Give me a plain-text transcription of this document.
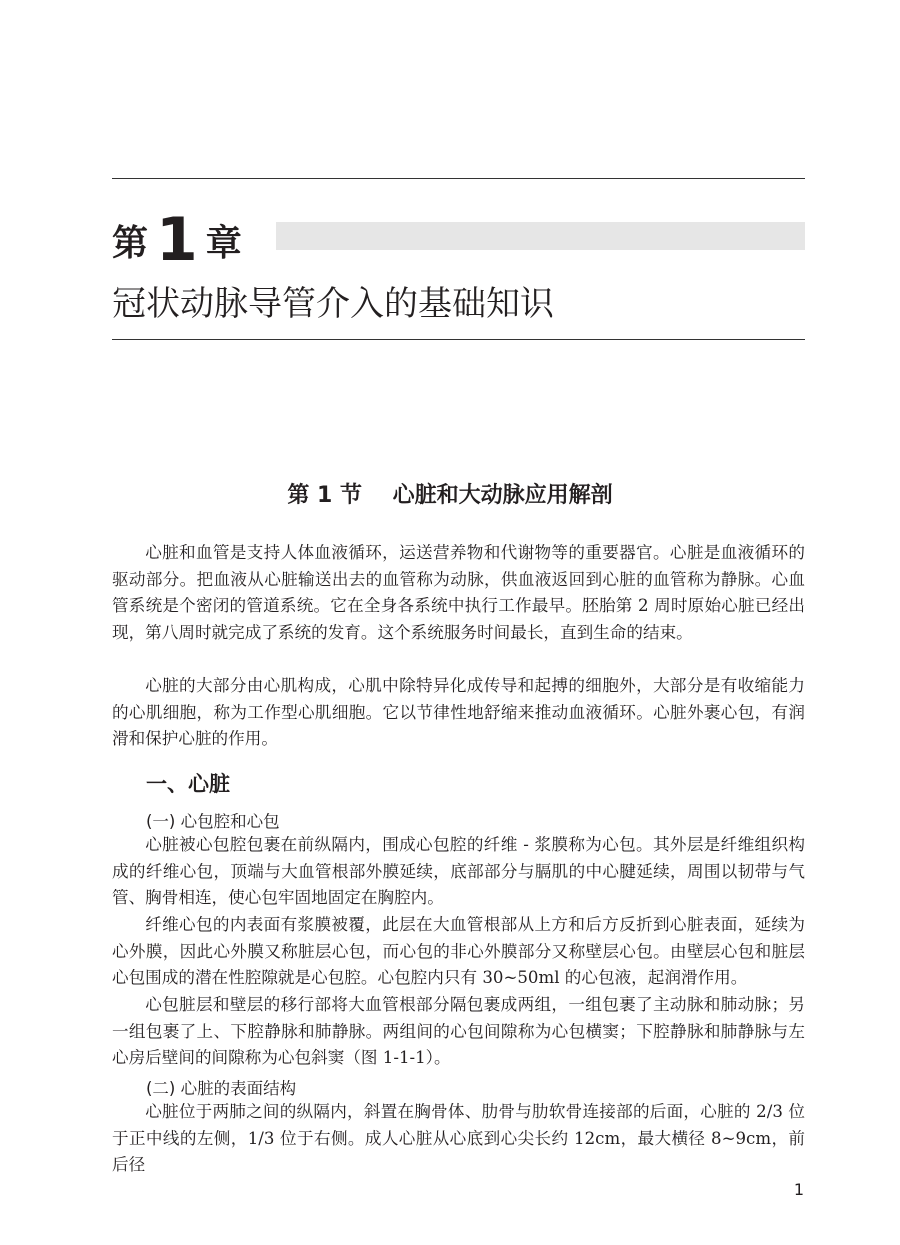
第 1 章
冠状动脉导管介入的基础知识
第 1 节    心脏和大动脉应用解剖

心脏和血管是支持人体血液循环，运送营养物和代谢物等的重要器官。心脏是血液循环的驱动部分。把血液从心脏输送出去的血管称为动脉，供血液返回到心脏的血管称为静脉。心血管系统是个密闭的管道系统。它在全身各系统中执行工作最早。胚胎第 2 周时原始心脏已经出现，第八周时就完成了系统的发育。这个系统服务时间最长，直到生命的结束。

心脏的大部分由心肌构成，心肌中除特异化成传导和起搏的细胞外，大部分是有收缩能力的心肌细胞，称为工作型心肌细胞。它以节律性地舒缩来推动血液循环。心脏外裹心包，有润滑和保护心脏的作用。

一、心脏
(一) 心包腔和心包

心脏被心包腔包裹在前纵隔内，围成心包腔的纤维 - 浆膜称为心包。其外层是纤维组织构成的纤维心包，顶端与大血管根部外膜延续，底部部分与膈肌的中心腱延续，周围以韧带与气管、胸骨相连，使心包牢固地固定在胸腔内。

纤维心包的内表面有浆膜被覆，此层在大血管根部从上方和后方反折到心脏表面，延续为心外膜，因此心外膜又称脏层心包，而心包的非心外膜部分又称壁层心包。由壁层心包和脏层心包围成的潜在性腔隙就是心包腔。心包腔内只有 30~50ml 的心包液，起润滑作用。

心包脏层和壁层的移行部将大血管根部分隔包裹成两组，一组包裹了主动脉和肺动脉；另一组包裹了上、下腔静脉和肺静脉。两组间的心包间隙称为心包横窦；下腔静脉和肺静脉与左心房后壁间的间隙称为心包斜窦（图 1-1-1）。

(二) 心脏的表面结构

心脏位于两肺之间的纵隔内，斜置在胸骨体、肋骨与肋软骨连接部的后面，心脏的 2/3 位于正中线的左侧，1/3 位于右侧。成人心脏从心底到心尖长约 12cm，最大横径 8~9cm，前后径

1
